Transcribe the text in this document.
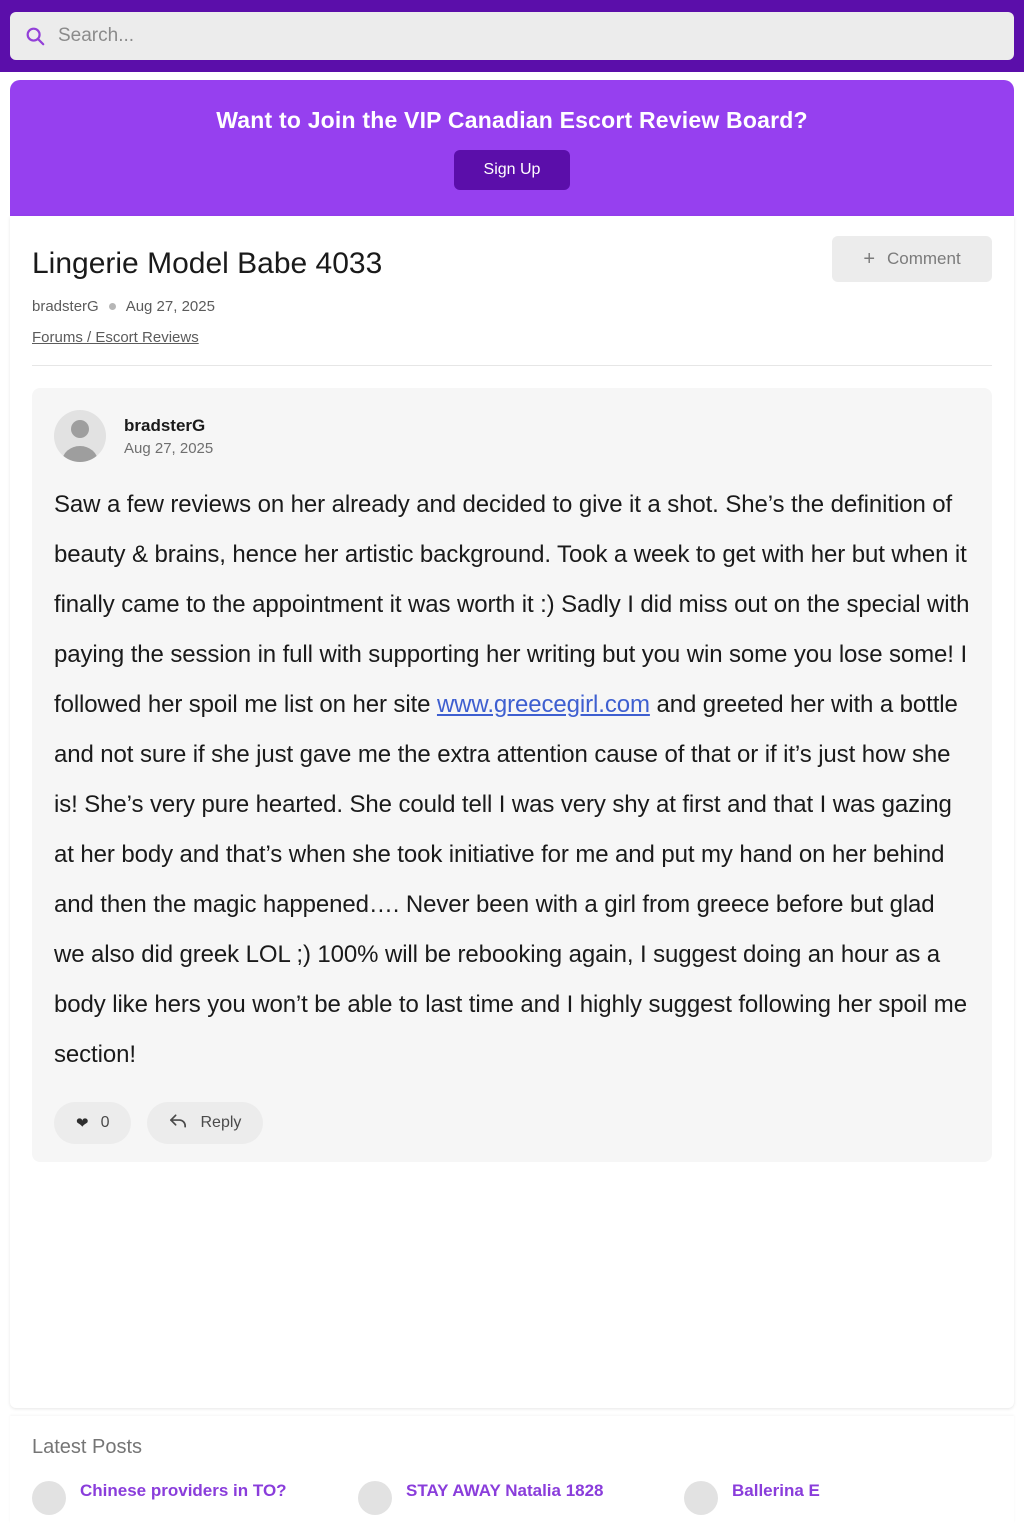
Search...
Want to Join the VIP Canadian Escort Review Board?
Sign Up
Lingerie Model Babe 4033	+ Comment
bradsterG Aug 27, 2025
Forums / Escort Reviews
bradsterG
Aug 27, 2025
Saw a few reviews on her already and decided to give it a shot. She’s the definition of beauty & brains, hence her artistic background. Took a week to get with her but when it finally came to the appointment it was worth it :) Sadly I did miss out on the special with paying the session in full with supporting her writing but you win some you lose some! I followed her spoil me list on her site www.greecegirl.com and greeted her with a bottle and not sure if she just gave me the extra attention cause of that or if it’s just how she is! She’s very pure hearted. She could tell I was very shy at first and that I was gazing at her body and that’s when she took initiative for me and put my hand on her behind and then the magic happened…. Never been with a girl from greece before but glad we also did greek LOL ;) 100% will be rebooking again, I suggest doing an hour as a body like hers you won’t be able to last time and I highly suggest following her spoil me section!
❤ 0	Reply
Latest Posts
Chinese providers in TO?	STAY AWAY Natalia 1828	Ballerina E
